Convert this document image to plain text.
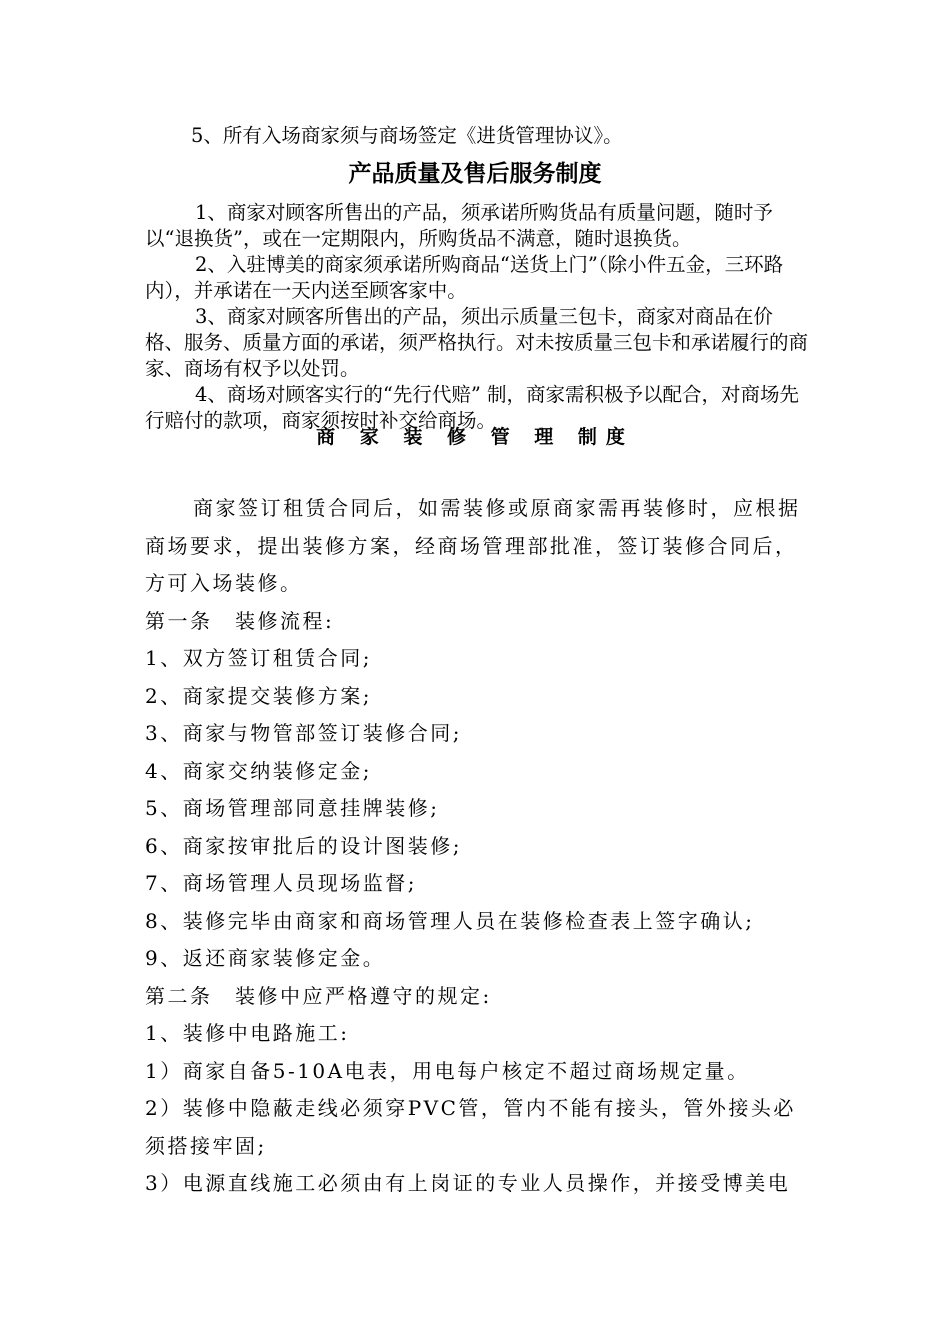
5、所有入场商家须与商场签定《进货管理协议》。

产品质量及售后服务制度

1、商家对顾客所售出的产品，须承诺所购货品有质量问题，随时予以“退换货”，或在一定期限内，所购货品不满意，随时退换货。

2、入驻博美的商家须承诺所购商品“送货上门”（除小件五金，三环路内），并承诺在一天内送至顾客家中。

3、商家对顾客所售出的产品，须出示质量三包卡，商家对商品在价格、服务、质量方面的承诺，须严格执行。对未按质量三包卡和承诺履行的商家、商场有权予以处罚。

4、商场对顾客实行的“先行代赔” 制，商家需积极予以配合，对商场先行赔付的款项，商家须按时补交给商场。

商 家 装 修 管 理 制度

商家签订租赁合同后，如需装修或原商家需再装修时，应根据商场要求，提出装修方案，经商场管理部批准，签订装修合同后，方可入场装修。

第一条　装修流程:

1、双方签订租赁合同;

2、商家提交装修方案;

3、商家与物管部签订装修合同;

4、商家交纳装修定金;

5、商场管理部同意挂牌装修;

6、商家按审批后的设计图装修;

7、商场管理人员现场监督;

8、装修完毕由商家和商场管理人员在装修检查表上签字确认;

9、返还商家装修定金。

第二条　装修中应严格遵守的规定:

1、装修中电路施工:

1）商家自备5-10A电表，用电每户核定不超过商场规定量。

2）装修中隐蔽走线必须穿PVC管，管内不能有接头，管外接头必须搭接牢固;

3）电源直线施工必须由有上岗证的专业人员操作，并接受博美电
